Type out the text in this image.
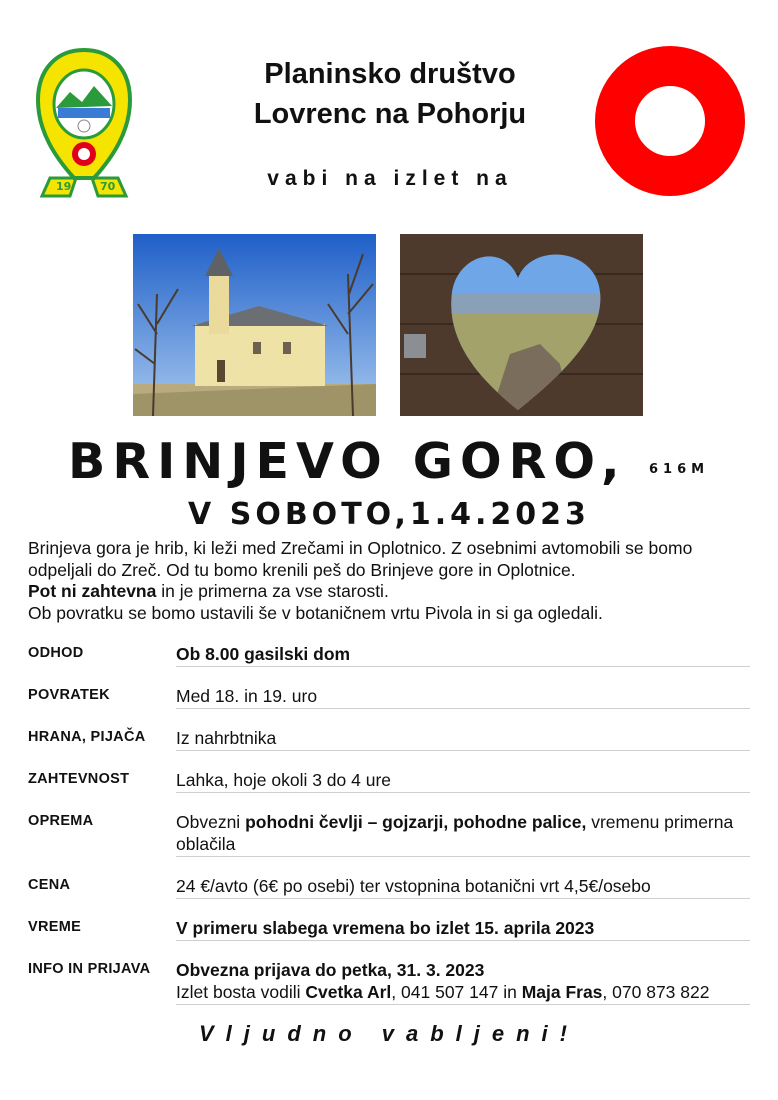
19	70
Planinsko društvo
Lovrenc na Pohorju
vabi na izlet na
BRINJEVO GORO, 616M
V SOBOTO,1.4.2023

Brinjeva gora je hrib, ki leži med Zrečami in Oplotnico. Z osebnimi avtomobili se bomo odpeljali do Zreč. Od tu bomo krenili peš do Brinjeve gore in Oplotnice.

Pot ni zahtevna in je primerna za vse starosti.

Ob povratku se bomo ustavili še v botaničnem vrtu Pivola in si ga ogledali.

ODHOD	Ob 8.00 gasilski dom

POVRATEK	Med 18. in 19. uro

HRANA, PIJAČA	Iz nahrbtnika

ZAHTEVNOST	Lahka, hoje okoli 3 do 4 ure

OPREMA	Obvezni pohodni čevlji – gojzarji, pohodne palice, vremenu primerna oblačila

CENA	24 €/avto (6€ po osebi) ter vstopnina botanični vrt 4,5€/osebo

VREME	V primeru slabega vremena bo izlet 15. aprila 2023

INFO IN PRIJAVA	Obvezna prijava do petka, 31. 3. 2023
Izlet bosta vodili Cvetka Arl, 041 507 147 in Maja Fras, 070 873 822
Vljudno vabljeni!
